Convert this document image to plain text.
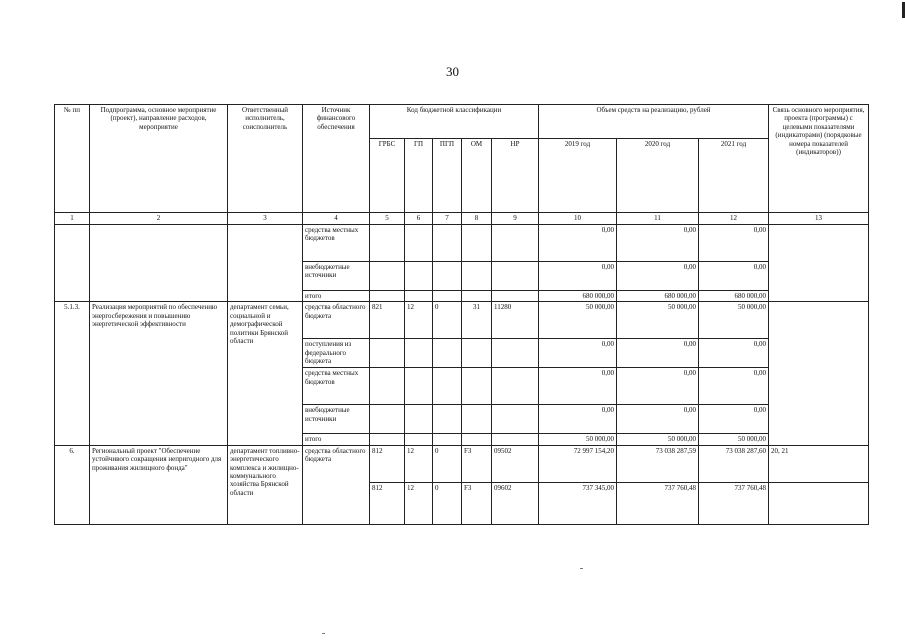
30
№ пп	Подпрограмма, основное мероприятие (проект), направление расходов, мероприятие	Ответственный исполнитель, соисполнитель	Источник финансового обеспечения	Код бюджетной классификации					Объем средств на реализацию, рублей			Связь основного мероприятия, проекта (программы) с целевыми показателями (индикаторами) (порядковые номера показателей (индикаторов))
				ГРБС	ГП	ПГП	ОМ	НР	2019 год	2020 год	2021 год	
1	2	3	4	5	6	7	8	9	10	11	12	13
			средства местных бюджетов						0,00	0,00	0,00	
			внебюджетные источники						0,00	0,00	0,00	
			итого						680 000,00	680 000,00	680 000,00	
5.1.3.	Реализация мероприятий по обеспечению энергосбережения и повышению энергетической эффективности	департамент семьи, социальной и демографической политики Брянской области	средства областного бюджета	821	12	0	31	11280	50 000,00	50 000,00	50 000,00	
			поступления из федерального бюджета						0,00	0,00	0,00	
			средства местных бюджетов						0,00	0,00	0,00	
			внебюджетные источники						0,00	0,00	0,00	
			итого						50 000,00	50 000,00	50 000,00	
6.	Региональный проект "Обеспечение устойчивого сокращения непригодного для проживания жилищного фонда"	департамент топливно-энергетического комплекса и жилищно-коммунального хозяйства Брянской области	средства областного бюджета	812	12	0	F3	09502	72 997 154,20	73 038 287,59	73 038 287,60	20, 21
				812	12	0	F3	09602	737 345,00	737 760,48	737 760,48	
